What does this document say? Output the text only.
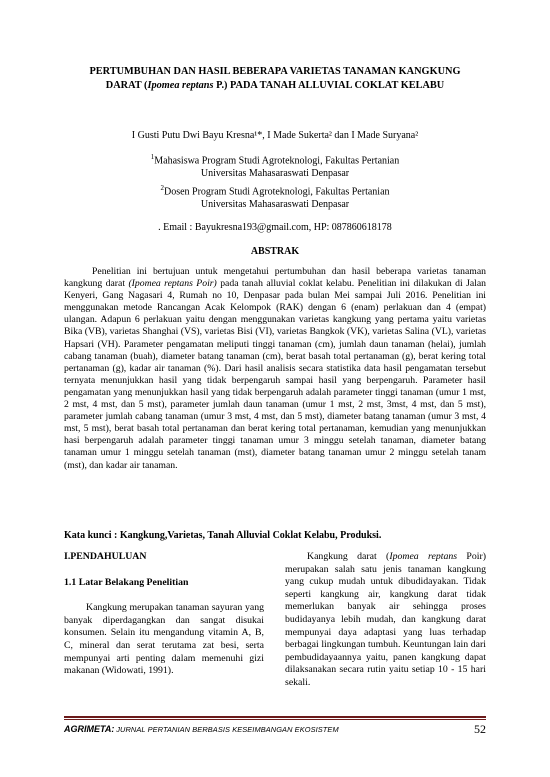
PERTUMBUHAN DAN HASIL BEBERAPA VARIETAS TANAMAN KANGKUNG
DARAT (Ipomea reptans P.) PADA TANAH ALLUVIAL COKLAT KELABU
I Gusti Putu Dwi Bayu Kresna¹*, I Made Sukerta² dan I Made Suryana²
$^1$Mahasiswa Program Studi Agroteknologi, Fakultas Pertanian
Universitas Mahasaraswati Denpasar
$^2$Dosen Program Studi Agroteknologi, Fakultas Pertanian
Universitas Mahasaraswati Denpasar
. Email : Bayukresna193@gmail.com, HP: 087860618178
ABSTRAK
Penelitian ini bertujuan untuk mengetahui pertumbuhan dan hasil beberapa varietas tanaman kangkung darat (Ipomea reptans Poir) pada tanah alluvial coklat kelabu. Penelitian ini dilakukan di Jalan Kenyeri, Gang Nagasari 4, Rumah no 10, Denpasar pada bulan Mei sampai Juli 2016. Penelitian ini menggunakan metode Rancangan Acak Kelompok (RAK) dengan 6 (enam) perlakuan dan 4 (empat) ulangan. Adapun 6 perlakuan yaitu dengan menggunakan varietas kangkung yang pertama yaitu varietas Bika (VB), varietas Shanghai (VS), varietas Bisi (VI), varietas Bangkok (VK), varietas Salina (VL), varietas Hapsari (VH). Parameter pengamatan meliputi tinggi tanaman (cm), jumlah daun tanaman (helai), jumlah cabang tanaman (buah), diameter batang tanaman (cm), berat basah total pertanaman (g), berat kering total pertanaman (g), kadar air tanaman (%). Dari hasil analisis secara statistika data hasil pengamatan tersebut ternyata menunjukkan hasil yang tidak berpengaruh sampai hasil yang berpengaruh. Parameter hasil pengamatan yang menunjukkan hasil yang tidak berpengaruh adalah parameter tinggi tanaman (umur 1 mst, 2 mst, 4 mst, dan 5 mst), parameter jumlah daun tanaman (umur 1 mst, 2 mst, 3mst, 4 mst, dan 5 mst), parameter jumlah cabang tanaman (umur 3 mst, 4 mst, dan 5 mst), diameter batang tanaman (umur 3 mst, 4 mst, 5 mst), berat basah total pertanaman dan berat kering total pertanaman, kemudian yang menunjukkan hasi berpengaruh adalah parameter tinggi tanaman umur 3 minggu setelah tanaman, diameter batang tanaman umur 1 minggu setelah tanaman (mst), diameter batang tanaman umur 2 minggu setelah tanam (mst), dan kadar air tanaman.
Kata kunci : Kangkung,Varietas, Tanah Alluvial Coklat Kelabu, Produksi.
I.PENDAHULUAN
1.1 Latar Belakang Penelitian

Kangkung merupakan tanaman sayuran yang banyak diperdagangkan dan sangat disukai konsumen. Selain itu mengandung vitamin A, B, C, mineral dan serat terutama zat besi, serta mempunyai arti penting dalam memenuhi gizi makanan (Widowati, 1991).

Kangkung darat (Ipomea reptans Poir) merupakan salah satu jenis tanaman kangkung yang cukup mudah untuk dibudidayakan. Tidak seperti kangkung air, kangkung darat tidak memerlukan banyak air sehingga proses budidayanya lebih mudah, dan kangkung darat mempunyai daya adaptasi yang luas terhadap berbagai lingkungan tumbuh. Keuntungan lain dari pembudidayaannya yaitu, panen kangkung dapat dilaksanakan secara rutin yaitu setiap 10 - 15 hari sekali.

AGRIMETA: JURNAL PERTANIAN BERBASIS KESEIMBANGAN EKOSISTEM	52
